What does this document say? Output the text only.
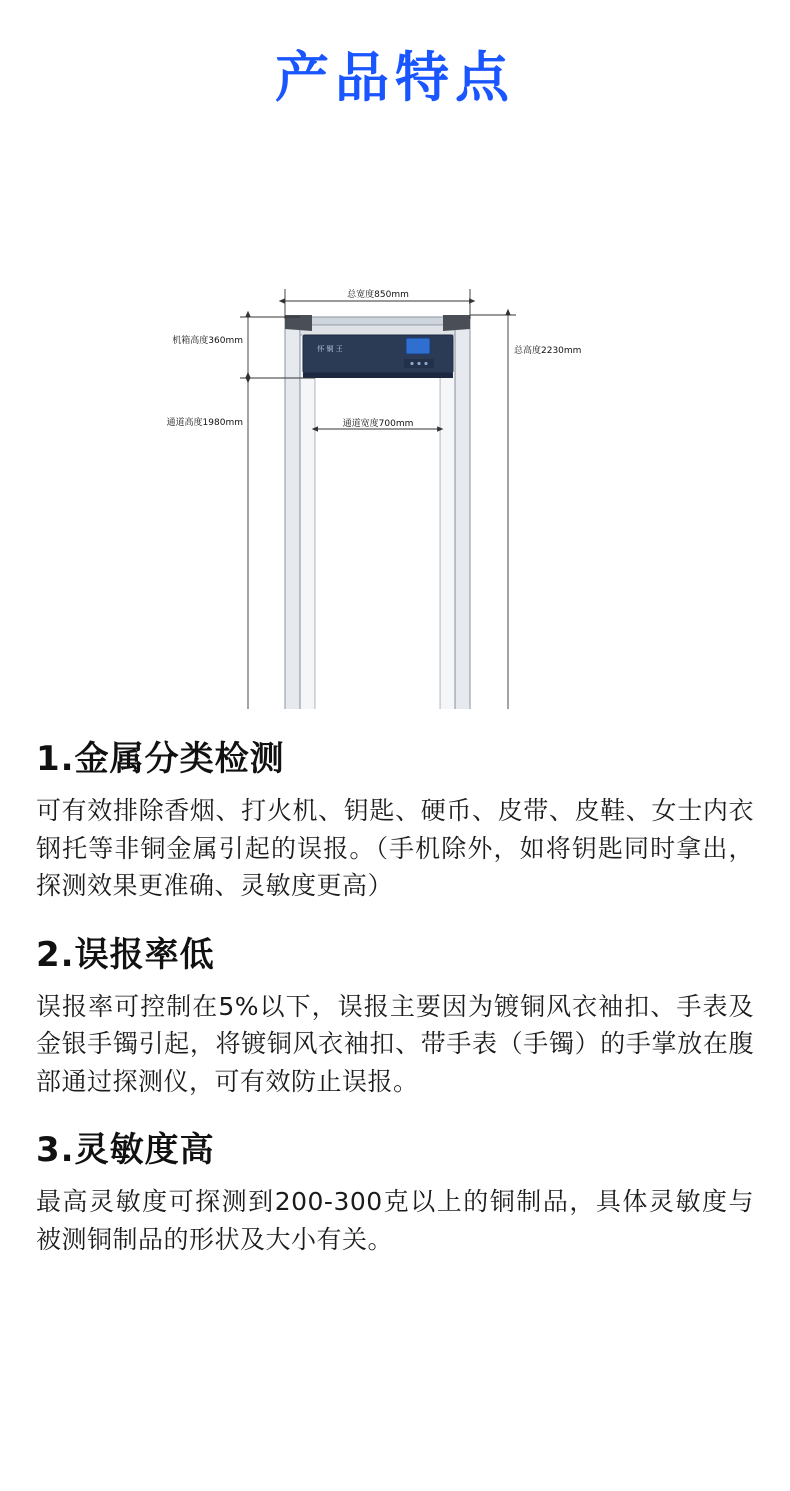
产品特点
怀 铜 王
总宽度850mm
机箱高度360mm
通道高度1980mm
总高度2230mm
通道宽度700mm
1.金属分类检测

可有效排除香烟、打火机、钥匙、硬币、皮带、皮鞋、女士内衣钢托等非铜金属引起的误报。（手机除外，如将钥匙同时拿出，探测效果更准确、灵敏度更高）

2.误报率低

误报率可控制在5%以下，误报主要因为镀铜风衣袖扣、手表及金银手镯引起，将镀铜风衣袖扣、带手表（手镯）的手掌放在腹部通过探测仪，可有效防止误报。

3.灵敏度高

最高灵敏度可探测到200-300克以上的铜制品，具体灵敏度与被测铜制品的形状及大小有关。
